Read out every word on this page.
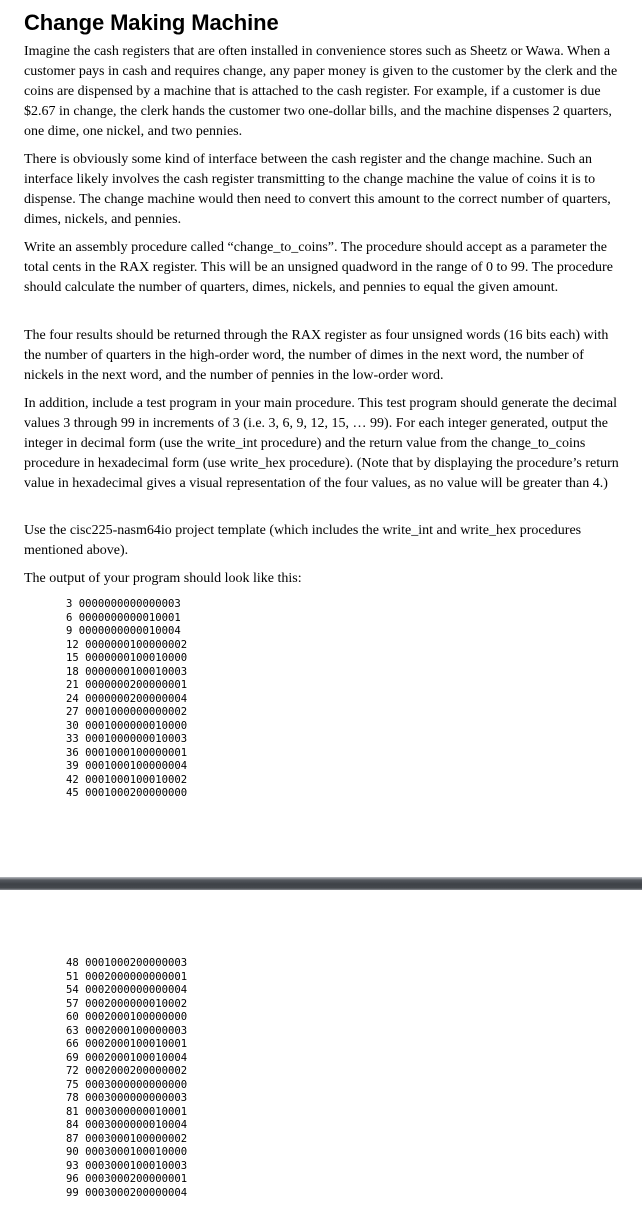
Change Making Machine

Imagine the cash registers that are often installed in convenience stores such as Sheetz or Wawa. When a customer pays in cash and requires change, any paper money is given to the customer by the clerk and the coins are dispensed by a machine that is attached to the cash register. For example, if a customer is due $2.67 in change, the clerk hands the customer two one-dollar bills, and the machine dispenses 2 quarters, one dime, one nickel, and two pennies.

There is obviously some kind of interface between the cash register and the change machine. Such an interface likely involves the cash register transmitting to the change machine the value of coins it is to dispense. The change machine would then need to convert this amount to the correct number of quarters, dimes, nickels, and pennies.

Write an assembly procedure called “change_to_coins”. The procedure should accept as a parameter the total cents in the RAX register. This will be an unsigned quadword in the range of 0 to 99. The procedure should calculate the number of quarters, dimes, nickels, and pennies to equal the given amount.

The four results should be returned through the RAX register as four unsigned words (16 bits each) with the number of quarters in the high-order word, the number of dimes in the next word, the number of nickels in the next word, and the number of pennies in the low-order word.

In addition, include a test program in your main procedure. This test program should generate the decimal values 3 through 99 in increments of 3 (i.e. 3, 6, 9, 12, 15, … 99). For each integer generated, output the integer in decimal form (use the write_int procedure) and the return value from the change_to_coins procedure in hexadecimal form (use write_hex procedure). (Note that by displaying the procedure’s return value in hexadecimal gives a visual representation of the four values, as no value will be greater than 4.)

Use the cisc225-nasm64io project template (which includes the write_int and write_hex procedures mentioned above).

The output of your program should look like this:

3 0000000000000003
6 0000000000010001
9 0000000000010004
12 0000000100000002
15 0000000100010000
18 0000000100010003
21 0000000200000001
24 0000000200000004
27 0001000000000002
30 0001000000010000
33 0001000000010003
36 0001000100000001
39 0001000100000004
42 0001000100010002
45 0001000200000000
48 0001000200000003
51 0002000000000001
54 0002000000000004
57 0002000000010002
60 0002000100000000
63 0002000100000003
66 0002000100010001
69 0002000100010004
72 0002000200000002
75 0003000000000000
78 0003000000000003
81 0003000000010001
84 0003000000010004
87 0003000100000002
90 0003000100010000
93 0003000100010003
96 0003000200000001
99 0003000200000004
